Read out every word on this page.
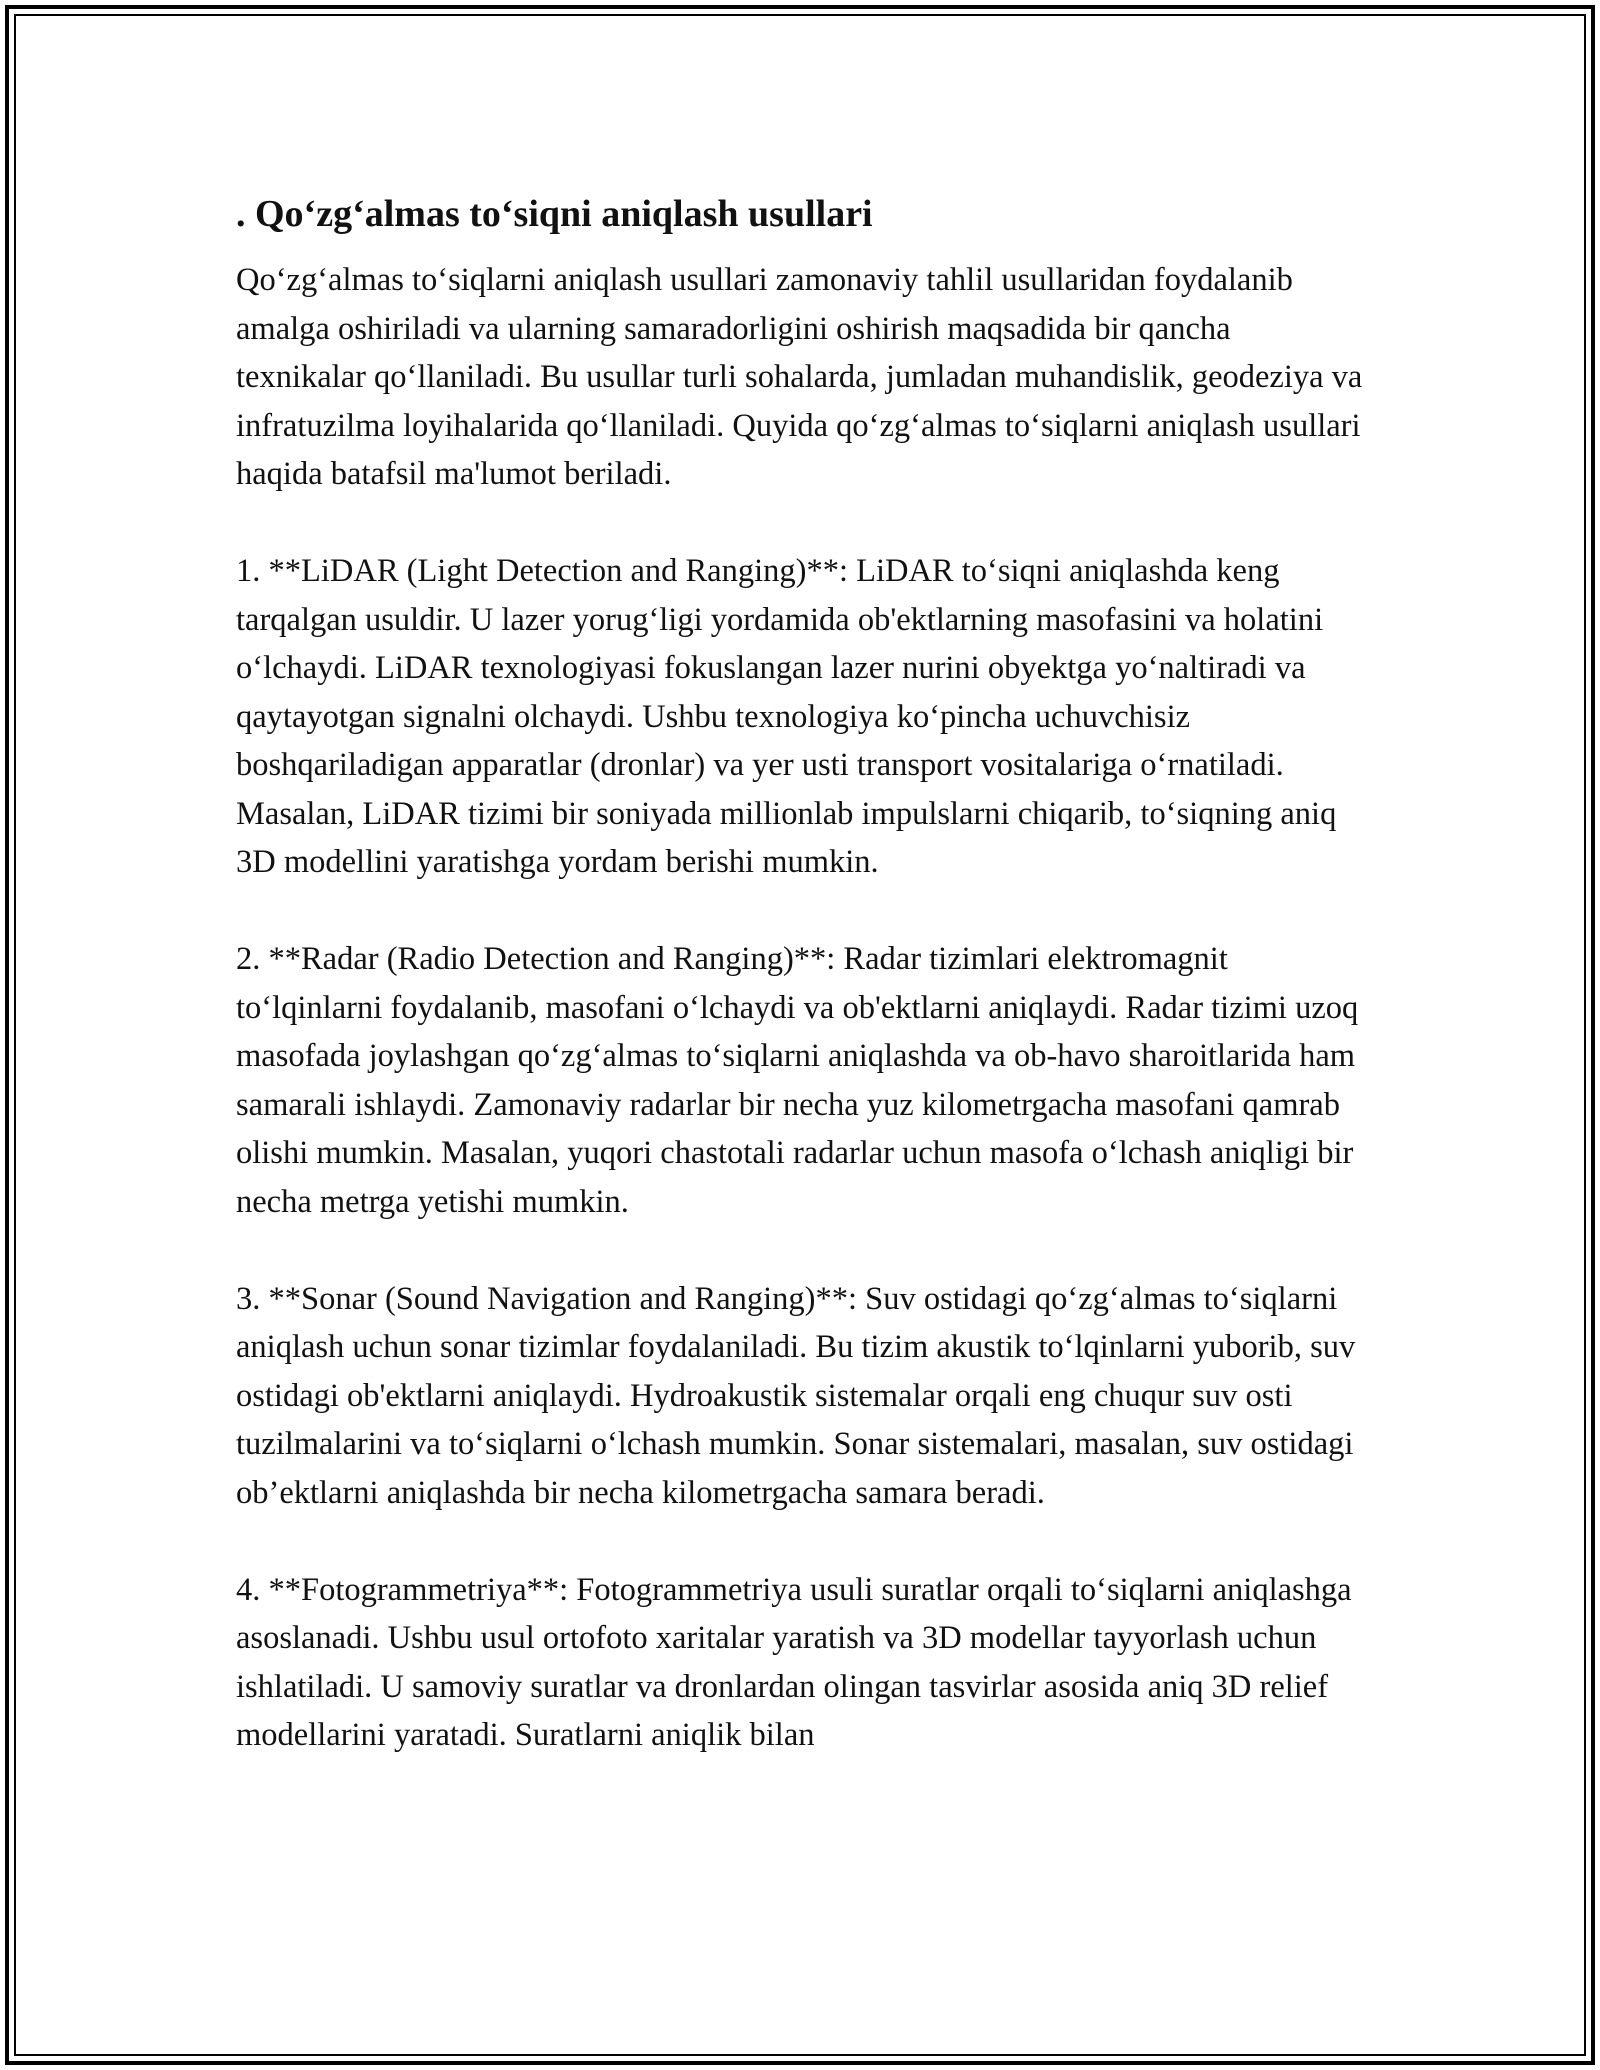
. Qo‘zg‘almas to‘siqni aniqlash usullari

Qo‘zg‘almas to‘siqlarni aniqlash usullari zamonaviy tahlil usullaridan foydalanib amalga oshiriladi va ularning samaradorligini oshirish maqsadida bir qancha texnikalar qo‘llaniladi. Bu usullar turli sohalarda, jumladan muhandislik, geodeziya va infratuzilma loyihalarida qo‘llaniladi. Quyida qo‘zg‘almas to‘siqlarni aniqlash usullari haqida batafsil ma'lumot beriladi.

1. **LiDAR (Light Detection and Ranging)**: LiDAR to‘siqni aniqlashda keng tarqalgan usuldir. U lazer yorug‘ligi yordamida ob'ektlarning masofasini va holatini o‘lchaydi. LiDAR texnologiyasi fokuslangan lazer nurini obyektga yo‘naltiradi va qaytayotgan signalni olchaydi. Ushbu texnologiya ko‘pincha uchuvchisiz boshqariladigan apparatlar (dronlar) va yer usti transport vositalariga o‘rnatiladi. Masalan, LiDAR tizimi bir soniyada millionlab impulslarni chiqarib, to‘siqning aniq 3D modellini yaratishga yordam berishi mumkin.

2. **Radar (Radio Detection and Ranging)**: Radar tizimlari elektromagnit to‘lqinlarni foydalanib, masofani o‘lchaydi va ob'ektlarni aniqlaydi. Radar tizimi uzoq masofada joylashgan qo‘zg‘almas to‘siqlarni aniqlashda va ob-havo sharoitlarida ham samarali ishlaydi. Zamonaviy radarlar bir necha yuz kilometrgacha masofani qamrab olishi mumkin. Masalan, yuqori chastotali radarlar uchun masofa o‘lchash aniqligi bir necha metrga yetishi mumkin.

3. **Sonar (Sound Navigation and Ranging)**: Suv ostidagi qo‘zg‘almas to‘siqlarni aniqlash uchun sonar tizimlar foydalaniladi. Bu tizim akustik to‘lqinlarni yuborib, suv ostidagi ob'ektlarni aniqlaydi. Hydroakustik sistemalar orqali eng chuqur suv osti tuzilmalarini va to‘siqlarni o‘lchash mumkin. Sonar sistemalari, masalan, suv ostidagi ob’ektlarni aniqlashda bir necha kilometrgacha samara beradi.

4. **Fotogrammetriya**: Fotogrammetriya usuli suratlar orqali to‘siqlarni aniqlashga asoslanadi. Ushbu usul ortofoto xaritalar yaratish va 3D modellar tayyorlash uchun ishlatiladi. U samoviy suratlar va dronlardan olingan tasvirlar asosida aniq 3D relief modellarini yaratadi. Suratlarni aniqlik bilan
